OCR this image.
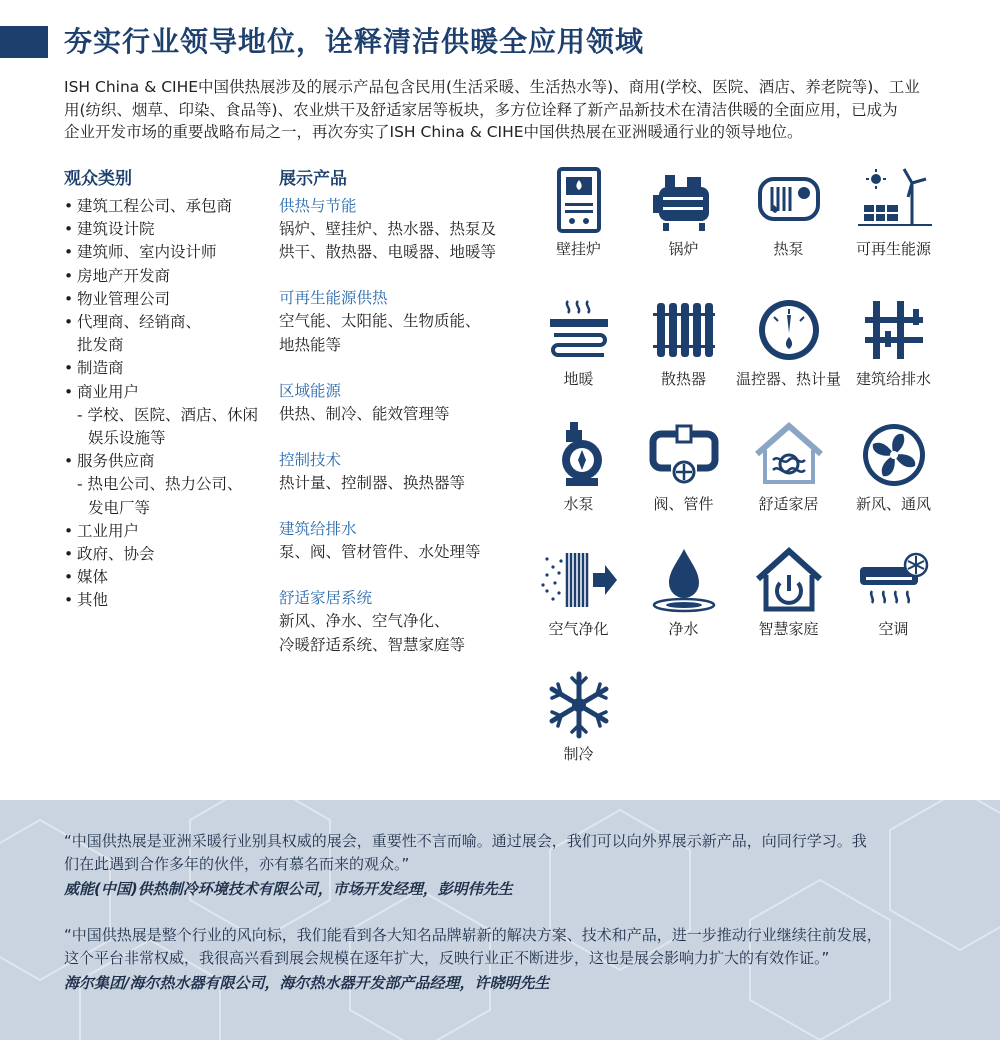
夯实行业领导地位，诠释清洁供暖全应用领域

ISH China & CIHE中国供热展涉及的展示产品包含民用(生活采暖、生活热水等)、商用(学校、医院、酒店、养老院等)、工业
用(纺织、烟草、印染、食品等)、农业烘干及舒适家居等板块，多方位诠释了新产品新技术在清洁供暖的全面应用，已成为
企业开发市场的重要战略布局之一，再次夯实了ISH China & CIHE中国供热展在亚洲暖通行业的领导地位。

观众类别
• 建筑工程公司、承包商
• 建筑设计院
• 建筑师、室内设计师
• 房地产开发商
• 物业管理公司
• 代理商、经销商、
批发商
• 制造商
• 商业用户
- 学校、医院、酒店、休闲
娱乐设施等
• 服务供应商
- 热电公司、热力公司、
发电厂等
• 工业用户
• 政府、协会
• 媒体
• 其他
展示产品

供热与节能

锅炉、壁挂炉、热水器、热泵及

烘干、散热器、电暖器、地暖等

可再生能源供热

空气能、太阳能、生物质能、

地热能等

区域能源

供热、制冷、能效管理等

控制技术

热计量、控制器、换热器等

建筑给排水

泵、阀、管材管件、水处理等

舒适家居系统

新风、净水、空气净化、

冷暖舒适系统、智慧家庭等

壁挂炉	锅炉	热泵	可再生能源
地暖	散热器	温控器、热计量 建筑给排水
水泵	阀、管件	舒适家居	新风、通风
空气净化	净水	智慧家庭	空调
制冷

“中国供热展是亚洲采暖行业别具权威的展会，重要性不言而喻。通过展会，我们可以向外界展示新产品，向同行学习。我
们在此遇到合作多年的伙伴，亦有慕名而来的观众。”

威能(中国)供热制冷环境技术有限公司，市场开发经理，彭明伟先生

“中国供热展是整个行业的风向标，我们能看到各大知名品牌崭新的解决方案、技术和产品，进一步推动行业继续往前发展，
这个平台非常权威，我很高兴看到展会规模在逐年扩大，反映行业正不断进步，这也是展会影响力扩大的有效作证。”

海尔集团/海尔热水器有限公司，海尔热水器开发部产品经理，许晓明先生
